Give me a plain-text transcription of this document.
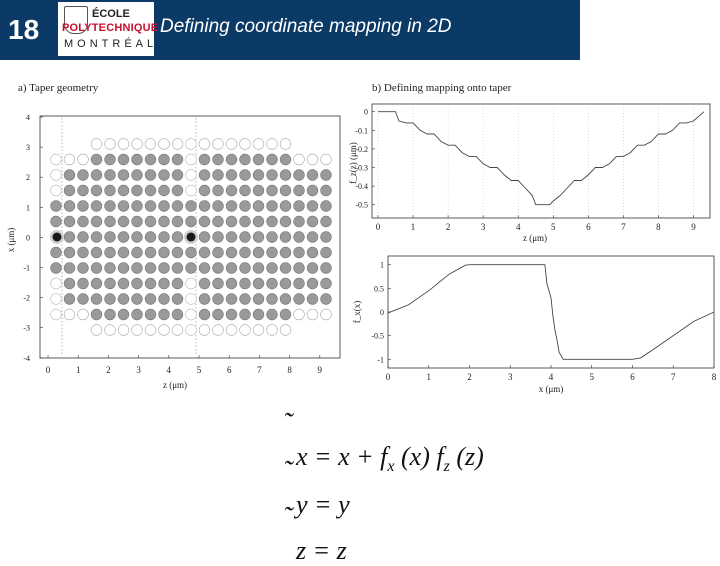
18	ÉCOLE
POLYTECHNIQUE
MONTRÉAL
Defining coordinate mapping in 2D
a) Taper geometry	b) Defining mapping onto taper
0	1	2	3	4	5	6	7	8	9
4
3
2
1
0
-1
-2
-3
-4
z (μm)
x (μm)
0	1	2	3	4	5	6	7	8	9
0
-0.1
-0.2
-0.3
-0.4
-0.5
z (μm)
f_z(z) (μm)
0	1	2	3	4	5	6	7	8
1
0.5
0
-0.5
-1
x (μm)
f_x(x)

˜
$x = x + f_x$ (x) $f_z$ (z)

˜
y = y

˜
z = z
